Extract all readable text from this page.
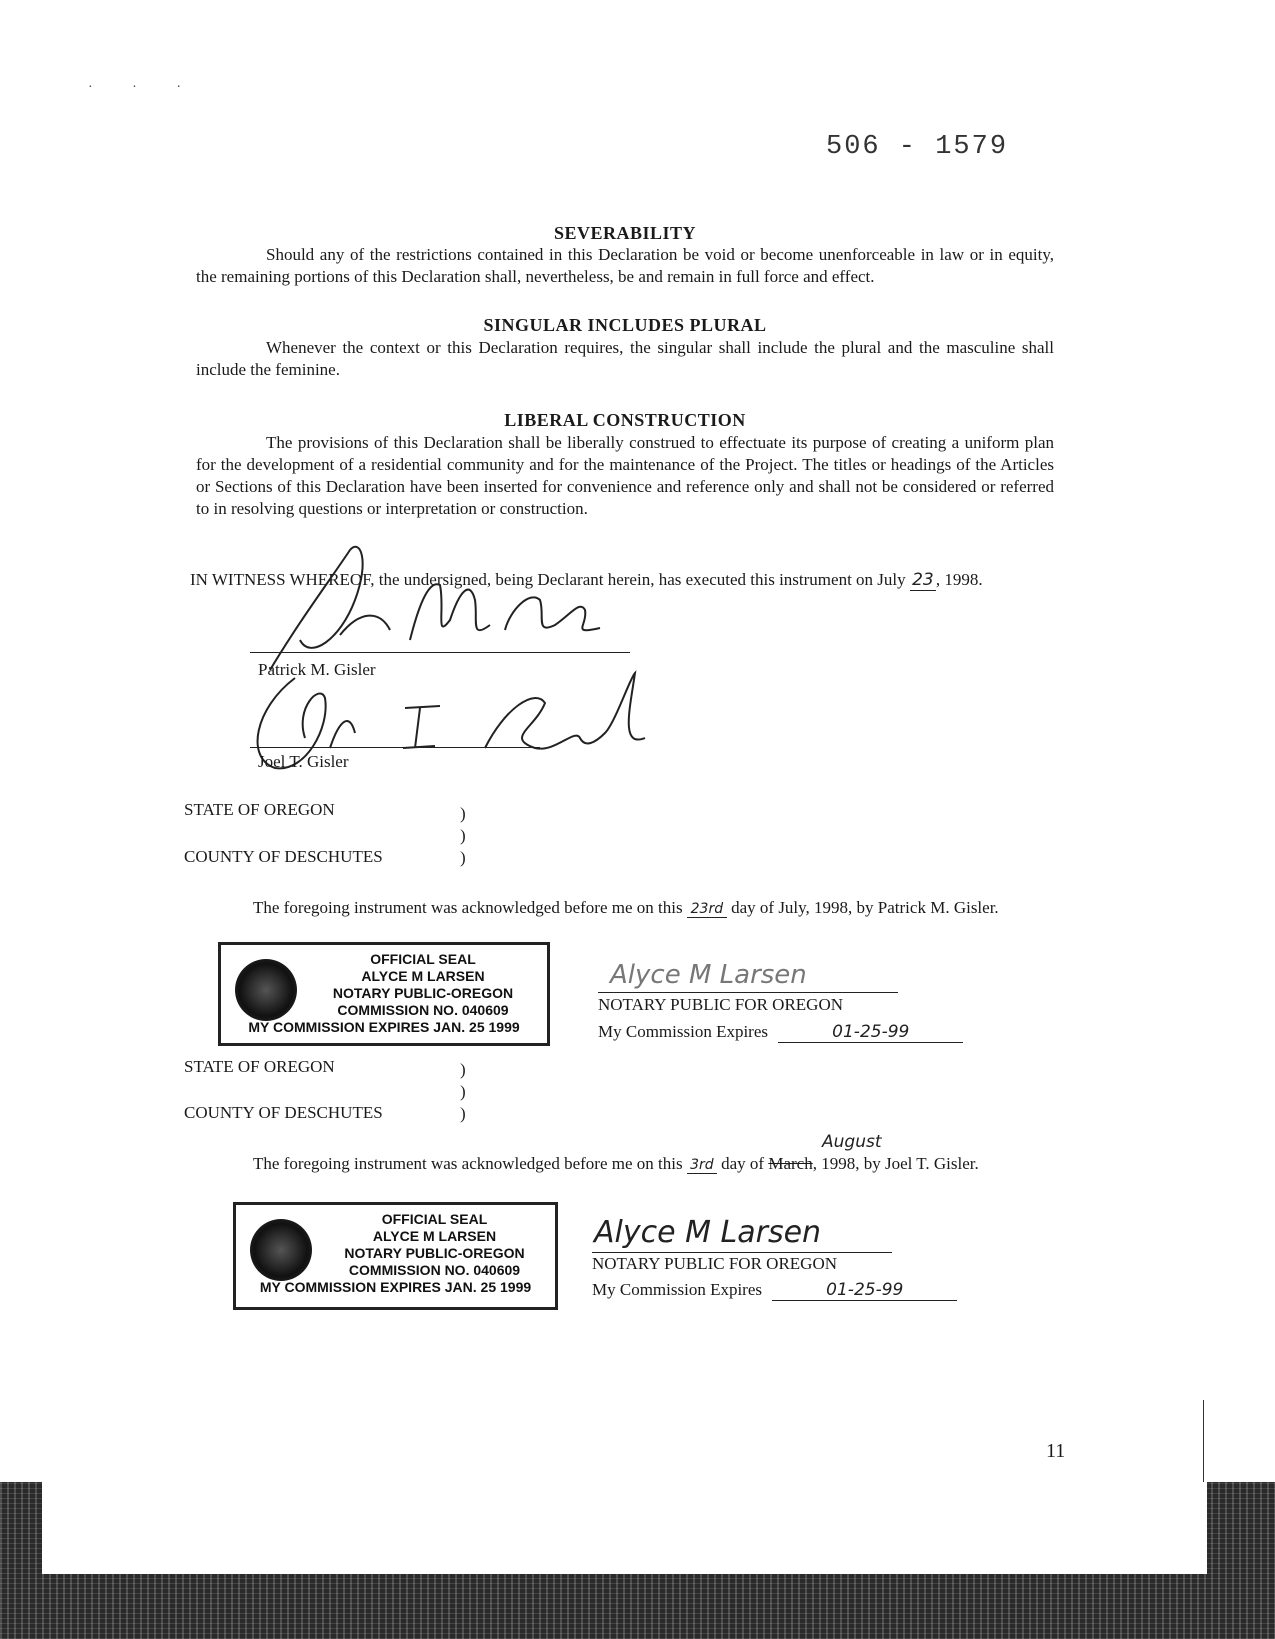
· · ·
506 - 1579
SEVERABILITY
Should any of the restrictions contained in this Declaration be void or become unenforceable in law or in equity, the remaining portions of this Declaration shall, nevertheless, be and remain in full force and effect.
SINGULAR INCLUDES PLURAL
Whenever the context or this Declaration requires, the singular shall include the plural and the masculine shall include the feminine.
LIBERAL CONSTRUCTION
The provisions of this Declaration shall be liberally construed to effectuate its purpose of creating a uniform plan for the development of a residential community and for the maintenance of the Project. The titles or headings of the Articles or Sections of this Declaration have been inserted for convenience and reference only and shall not be considered or referred to in resolving questions or interpretation or construction.
IN WITNESS WHEREOF, the undersigned, being Declarant herein, has executed this instrument on July 23 , 1998.
Patrick M. Gisler
Joel T. Gisler
STATE OF OREGON	)
)
)
COUNTY OF DESCHUTES
The foregoing instrument was acknowledged before me on this 23rd day of July, 1998, by Patrick M. Gisler.
OFFICIAL SEAL
ALYCE M LARSEN
NOTARY PUBLIC-OREGON
COMMISSION NO. 040609
MY COMMISSION EXPIRES JAN. 25 1999
Alyce M Larsen
NOTARY PUBLIC FOR OREGON
My Commission Expires	01-25-99
STATE OF OREGON	)
)
)
COUNTY OF DESCHUTES
August
The foregoing instrument was acknowledged before me on this 3rd day of March, 1998, by Joel T. Gisler.
OFFICIAL SEAL
ALYCE M LARSEN
NOTARY PUBLIC-OREGON
COMMISSION NO. 040609
MY COMMISSION EXPIRES JAN. 25 1999
Alyce M Larsen
NOTARY PUBLIC FOR OREGON
My Commission Expires	01-25-99
11
